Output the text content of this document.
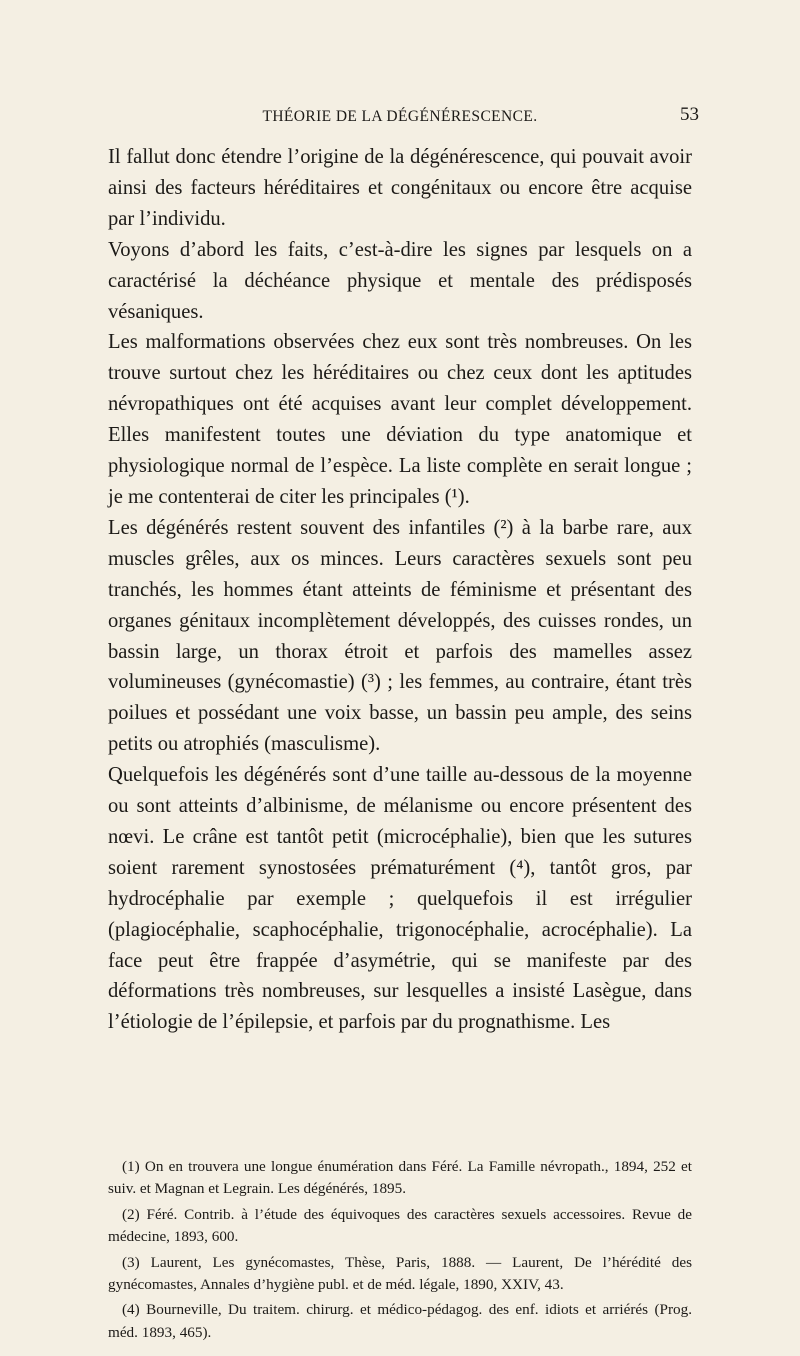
THÉORIE DE LA DÉGÉNÉRESCENCE.	53

Il fallut donc étendre l’origine de la dégénérescence, qui pouvait avoir ainsi des facteurs héréditaires et congénitaux ou encore être acquise par l’individu.

Voyons d’abord les faits, c’est-à-dire les signes par lesquels on a caractérisé la déchéance physique et mentale des prédisposés vésaniques.

Les malformations observées chez eux sont très nombreuses. On les trouve surtout chez les héréditaires ou chez ceux dont les aptitudes névropathiques ont été acquises avant leur complet développement. Elles manifestent toutes une déviation du type anatomique et physiologique normal de l’espèce. La liste complète en serait longue ; je me contenterai de citer les principales (¹).

Les dégénérés restent souvent des infantiles (²) à la barbe rare, aux muscles grêles, aux os minces. Leurs caractères sexuels sont peu tranchés, les hommes étant atteints de féminisme et présentant des organes génitaux incomplètement développés, des cuisses rondes, un bassin large, un thorax étroit et parfois des mamelles assez volumineuses (gynécomastie) (³) ; les femmes, au contraire, étant très poilues et possédant une voix basse, un bassin peu ample, des seins petits ou atrophiés (masculisme).

Quelquefois les dégénérés sont d’une taille au-dessous de la moyenne ou sont atteints d’albinisme, de mélanisme ou encore présentent des nœvi. Le crâne est tantôt petit (microcéphalie), bien que les sutures soient rarement synostosées prématurément (⁴), tantôt gros, par hydrocéphalie par exemple ; quelquefois il est irrégulier (plagiocéphalie, scaphocéphalie, trigonocéphalie, acrocéphalie). La face peut être frappée d’asymétrie, qui se manifeste par des déformations très nombreuses, sur lesquelles a insisté Lasègue, dans l’étiologie de l’épilepsie, et parfois par du prognathisme. Les

(1) On en trouvera une longue énumération dans Féré. La Famille névropath., 1894, 252 et suiv. et Magnan et Legrain. Les dégénérés, 1895.

(2) Féré. Contrib. à l’étude des équivoques des caractères sexuels accessoires. Revue de médecine, 1893, 600.

(3) Laurent, Les gynécomastes, Thèse, Paris, 1888. — Laurent, De l’hérédité des gynécomastes, Annales d’hygiène publ. et de méd. légale, 1890, XXIV, 43.

(4) Bourneville, Du traitem. chirurg. et médico-pédagog. des enf. idiots et arriérés (Prog. méd. 1893, 465).
